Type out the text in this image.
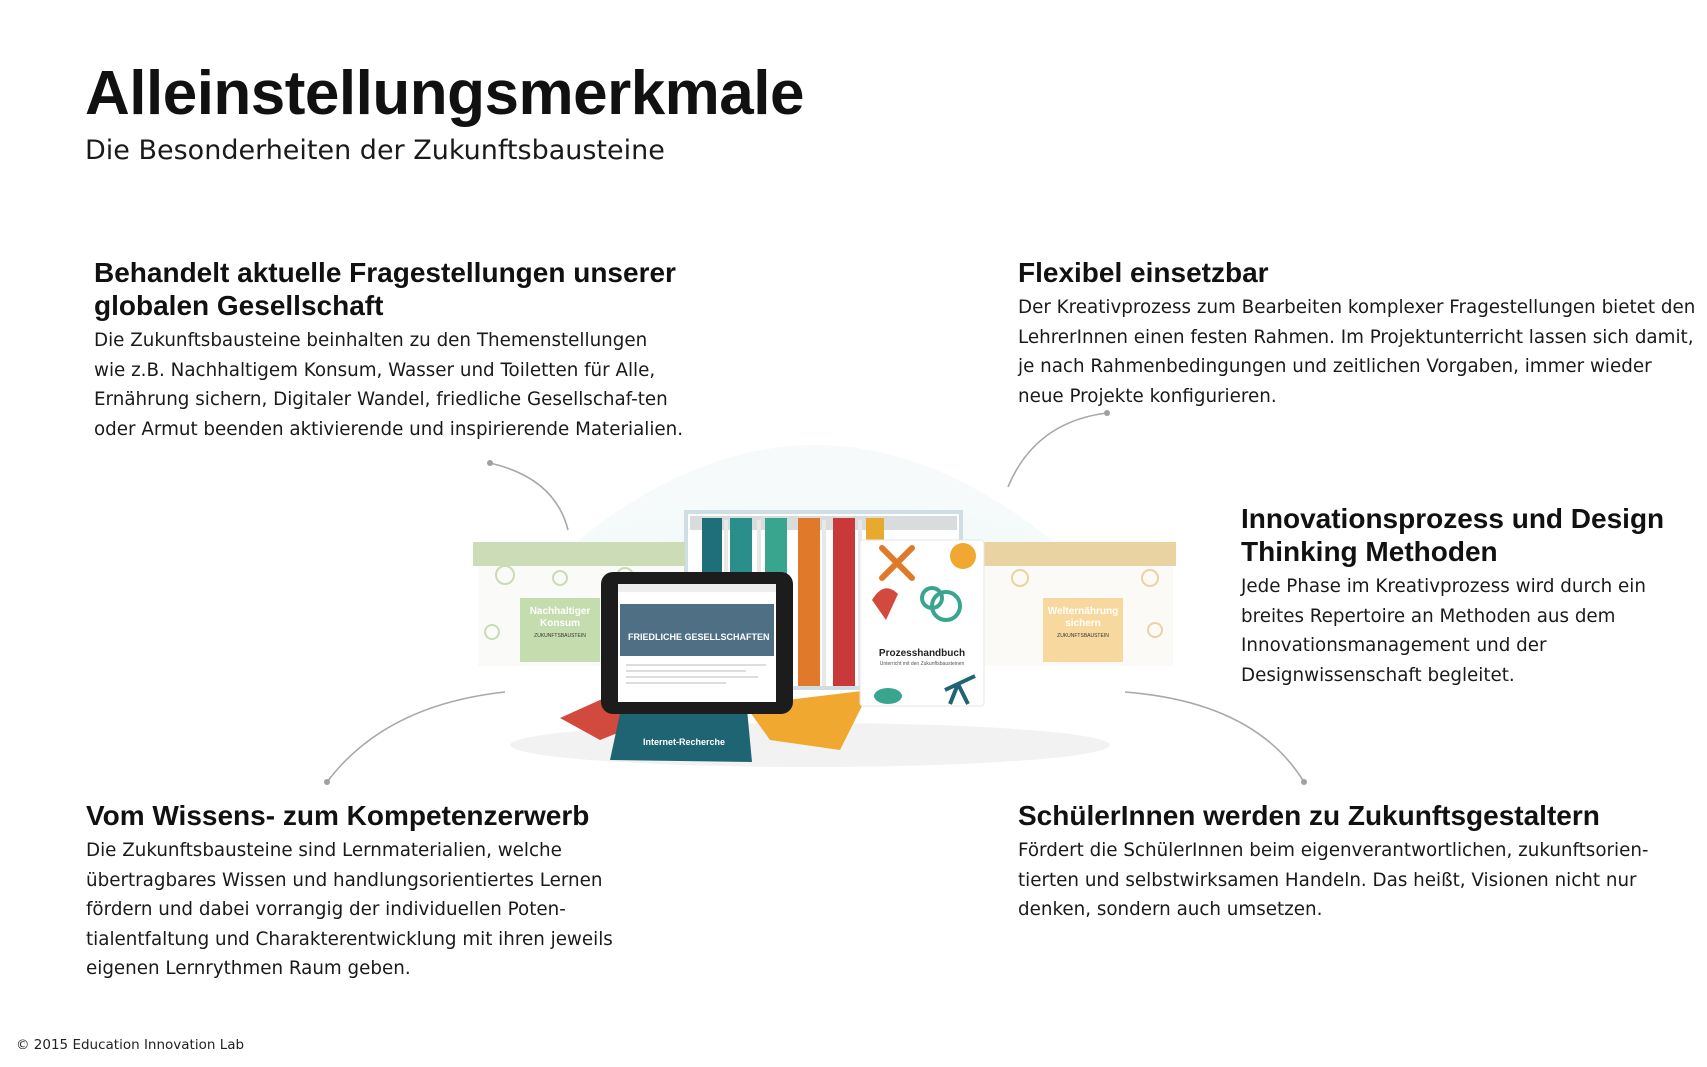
Alleinstellungsmerkmale
Die Besonderheiten der Zukunftsbausteine
Nachhaltiger
Konsum
ZUKUNFTSBAUSTEIN
Welternährung
sichern
ZUKUNFTSBAUSTEIN
Internet-Recherche
FRIEDLICHE GESELLSCHAFTEN
Prozesshandbuch
Unterricht mit den Zukunftsbausteinen
Behandelt aktuelle Fragestellungen unserer globalen Gesellschaft

Die Zukunftsbausteine beinhalten zu den Themenstellungen wie z.B. Nachhaltigem Konsum, Wasser und Toiletten für Alle, Ernährung sichern, Digitaler Wandel, friedliche Gesellschaf-ten oder Armut beenden aktivierende und inspirierende Materialien.

Flexibel einsetzbar

Der Kreativprozess zum Bearbeiten komplexer Fragestellungen bietet den LehrerInnen einen festen Rahmen. Im Projektunterricht lassen sich damit, je nach Rahmenbedingungen und zeitlichen Vorgaben, immer wieder neue Projekte konfigurieren.

Innovationsprozess und Design Thinking Methoden

Jede Phase im Kreativprozess wird durch ein breites Repertoire an Methoden aus dem Innovationsmanagement und der Designwissenschaft begleitet.

Vom Wissens- zum Kompetenzerwerb

Die Zukunftsbausteine sind Lernmaterialien, welche übertragbares Wissen und handlungsorientiertes Lernen fördern und dabei vorrangig der individuellen Poten-tialentfaltung und Charakterentwicklung mit ihren jeweils eigenen Lernrythmen Raum geben.

SchülerInnen werden zu Zukunftsgestaltern

Fördert die SchülerInnen beim eigenverantwortlichen, zukunftsorien-tierten und selbstwirksamen Handeln. Das heißt, Visionen nicht nur denken, sondern auch umsetzen.

© 2015 Education Innovation Lab
